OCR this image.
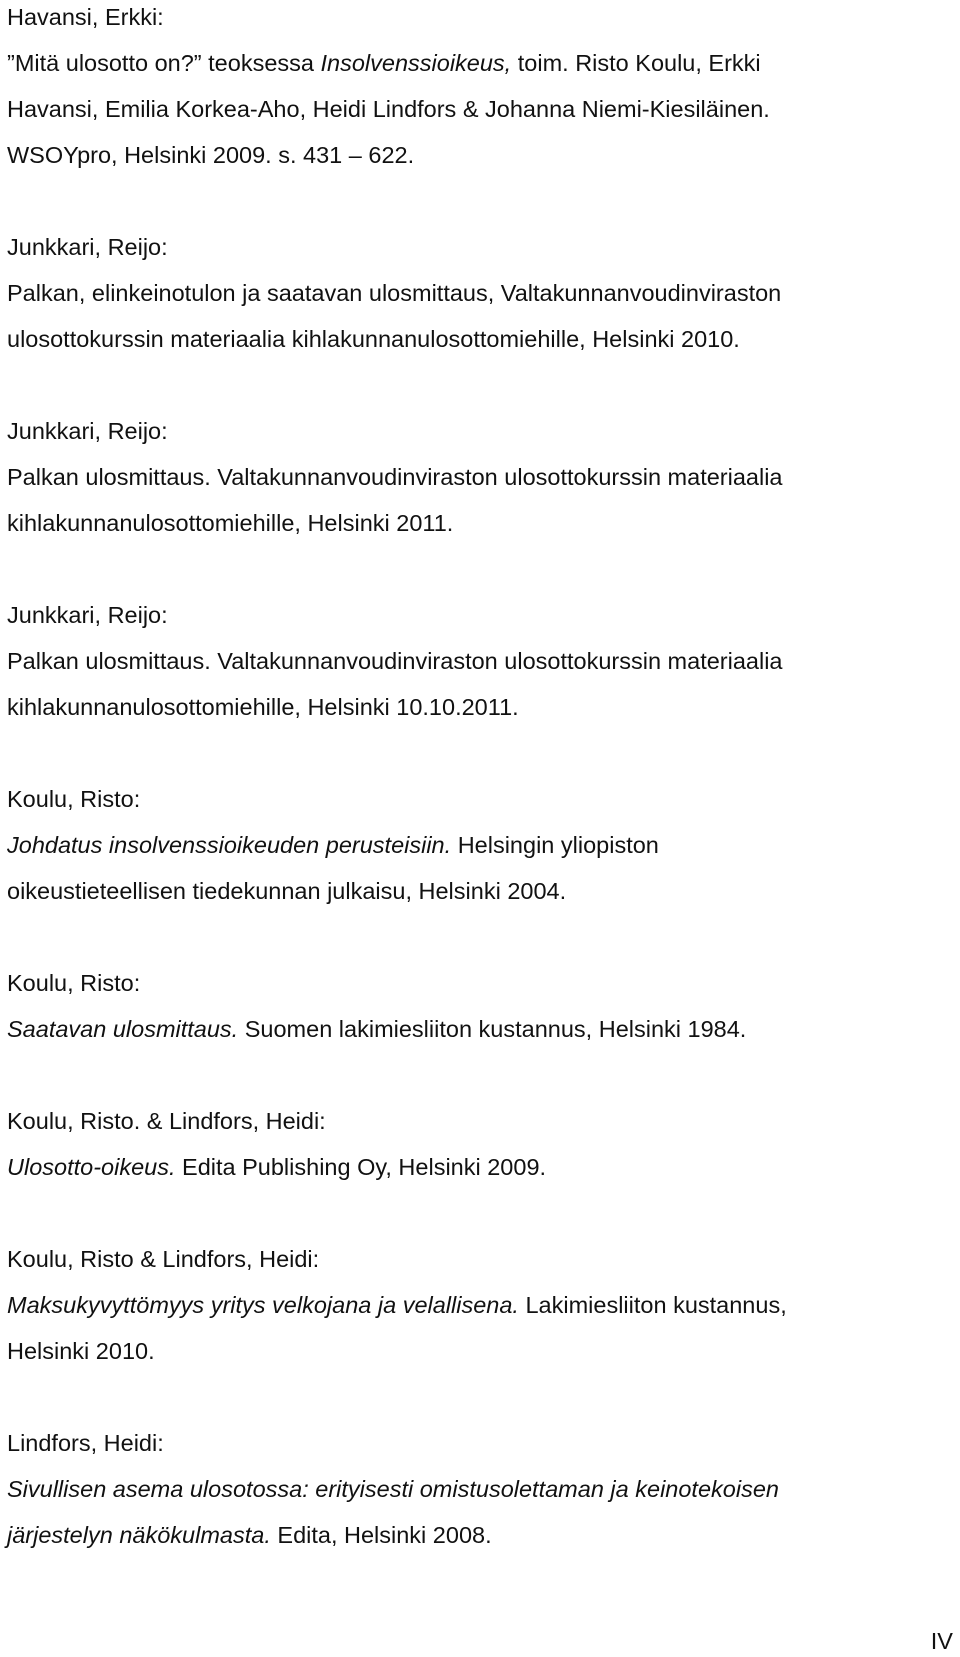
Havansi, Erkki:

”Mitä ulosotto on?” teoksessa Insolvenssioikeus, toim. Risto Koulu, Erkki

Havansi, Emilia Korkea-Aho, Heidi Lindfors & Johanna Niemi-Kiesiläinen.

WSOYpro, Helsinki 2009. s. 431 – 622.

Junkkari, Reijo:

Palkan, elinkeinotulon ja saatavan ulosmittaus, Valtakunnanvoudinviraston

ulosottokurssin materiaalia kihlakunnanulosottomiehille, Helsinki 2010.

Junkkari, Reijo:

Palkan ulosmittaus. Valtakunnanvoudinviraston ulosottokurssin materiaalia

kihlakunnanulosottomiehille, Helsinki 2011.

Junkkari, Reijo:

Palkan ulosmittaus. Valtakunnanvoudinviraston ulosottokurssin materiaalia

kihlakunnanulosottomiehille, Helsinki 10.10.2011.

Koulu, Risto:

Johdatus insolvenssioikeuden perusteisiin. Helsingin yliopiston

oikeustieteellisen tiedekunnan julkaisu, Helsinki 2004.

Koulu, Risto:

Saatavan ulosmittaus. Suomen lakimiesliiton kustannus, Helsinki 1984.

Koulu, Risto. & Lindfors, Heidi:

Ulosotto-oikeus. Edita Publishing Oy, Helsinki 2009.

Koulu, Risto & Lindfors, Heidi:

Maksukyvyttömyys yritys velkojana ja velallisena. Lakimiesliiton kustannus,

Helsinki 2010.

Lindfors, Heidi:

Sivullisen asema ulosotossa: erityisesti omistusolettaman ja keinotekoisen

järjestelyn näkökulmasta. Edita, Helsinki 2008.

IV
